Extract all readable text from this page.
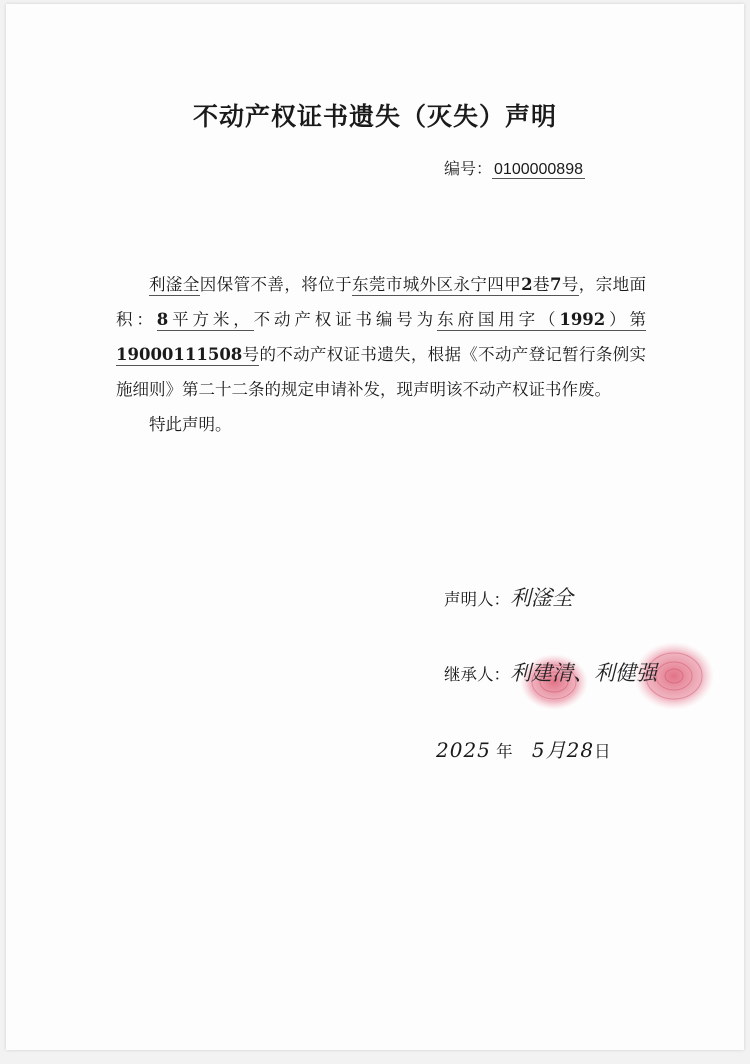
不动产权证书遗失（灭失）声明
编号： 0100000898

利滏全因保管不善，将位于东莞市城外区永宁四甲2巷7号，宗地面积：8平方米，不动产权证书编号为东府国用字（1992）第19000111508号的不动产权证书遗失，根据《不动产登记暂行条例实施细则》第二十二条的规定申请补发，现声明该不动产权证书作废。

特此声明。

声明人：利滏全
继承人：利建清、利健强
2025 年 5月28日
